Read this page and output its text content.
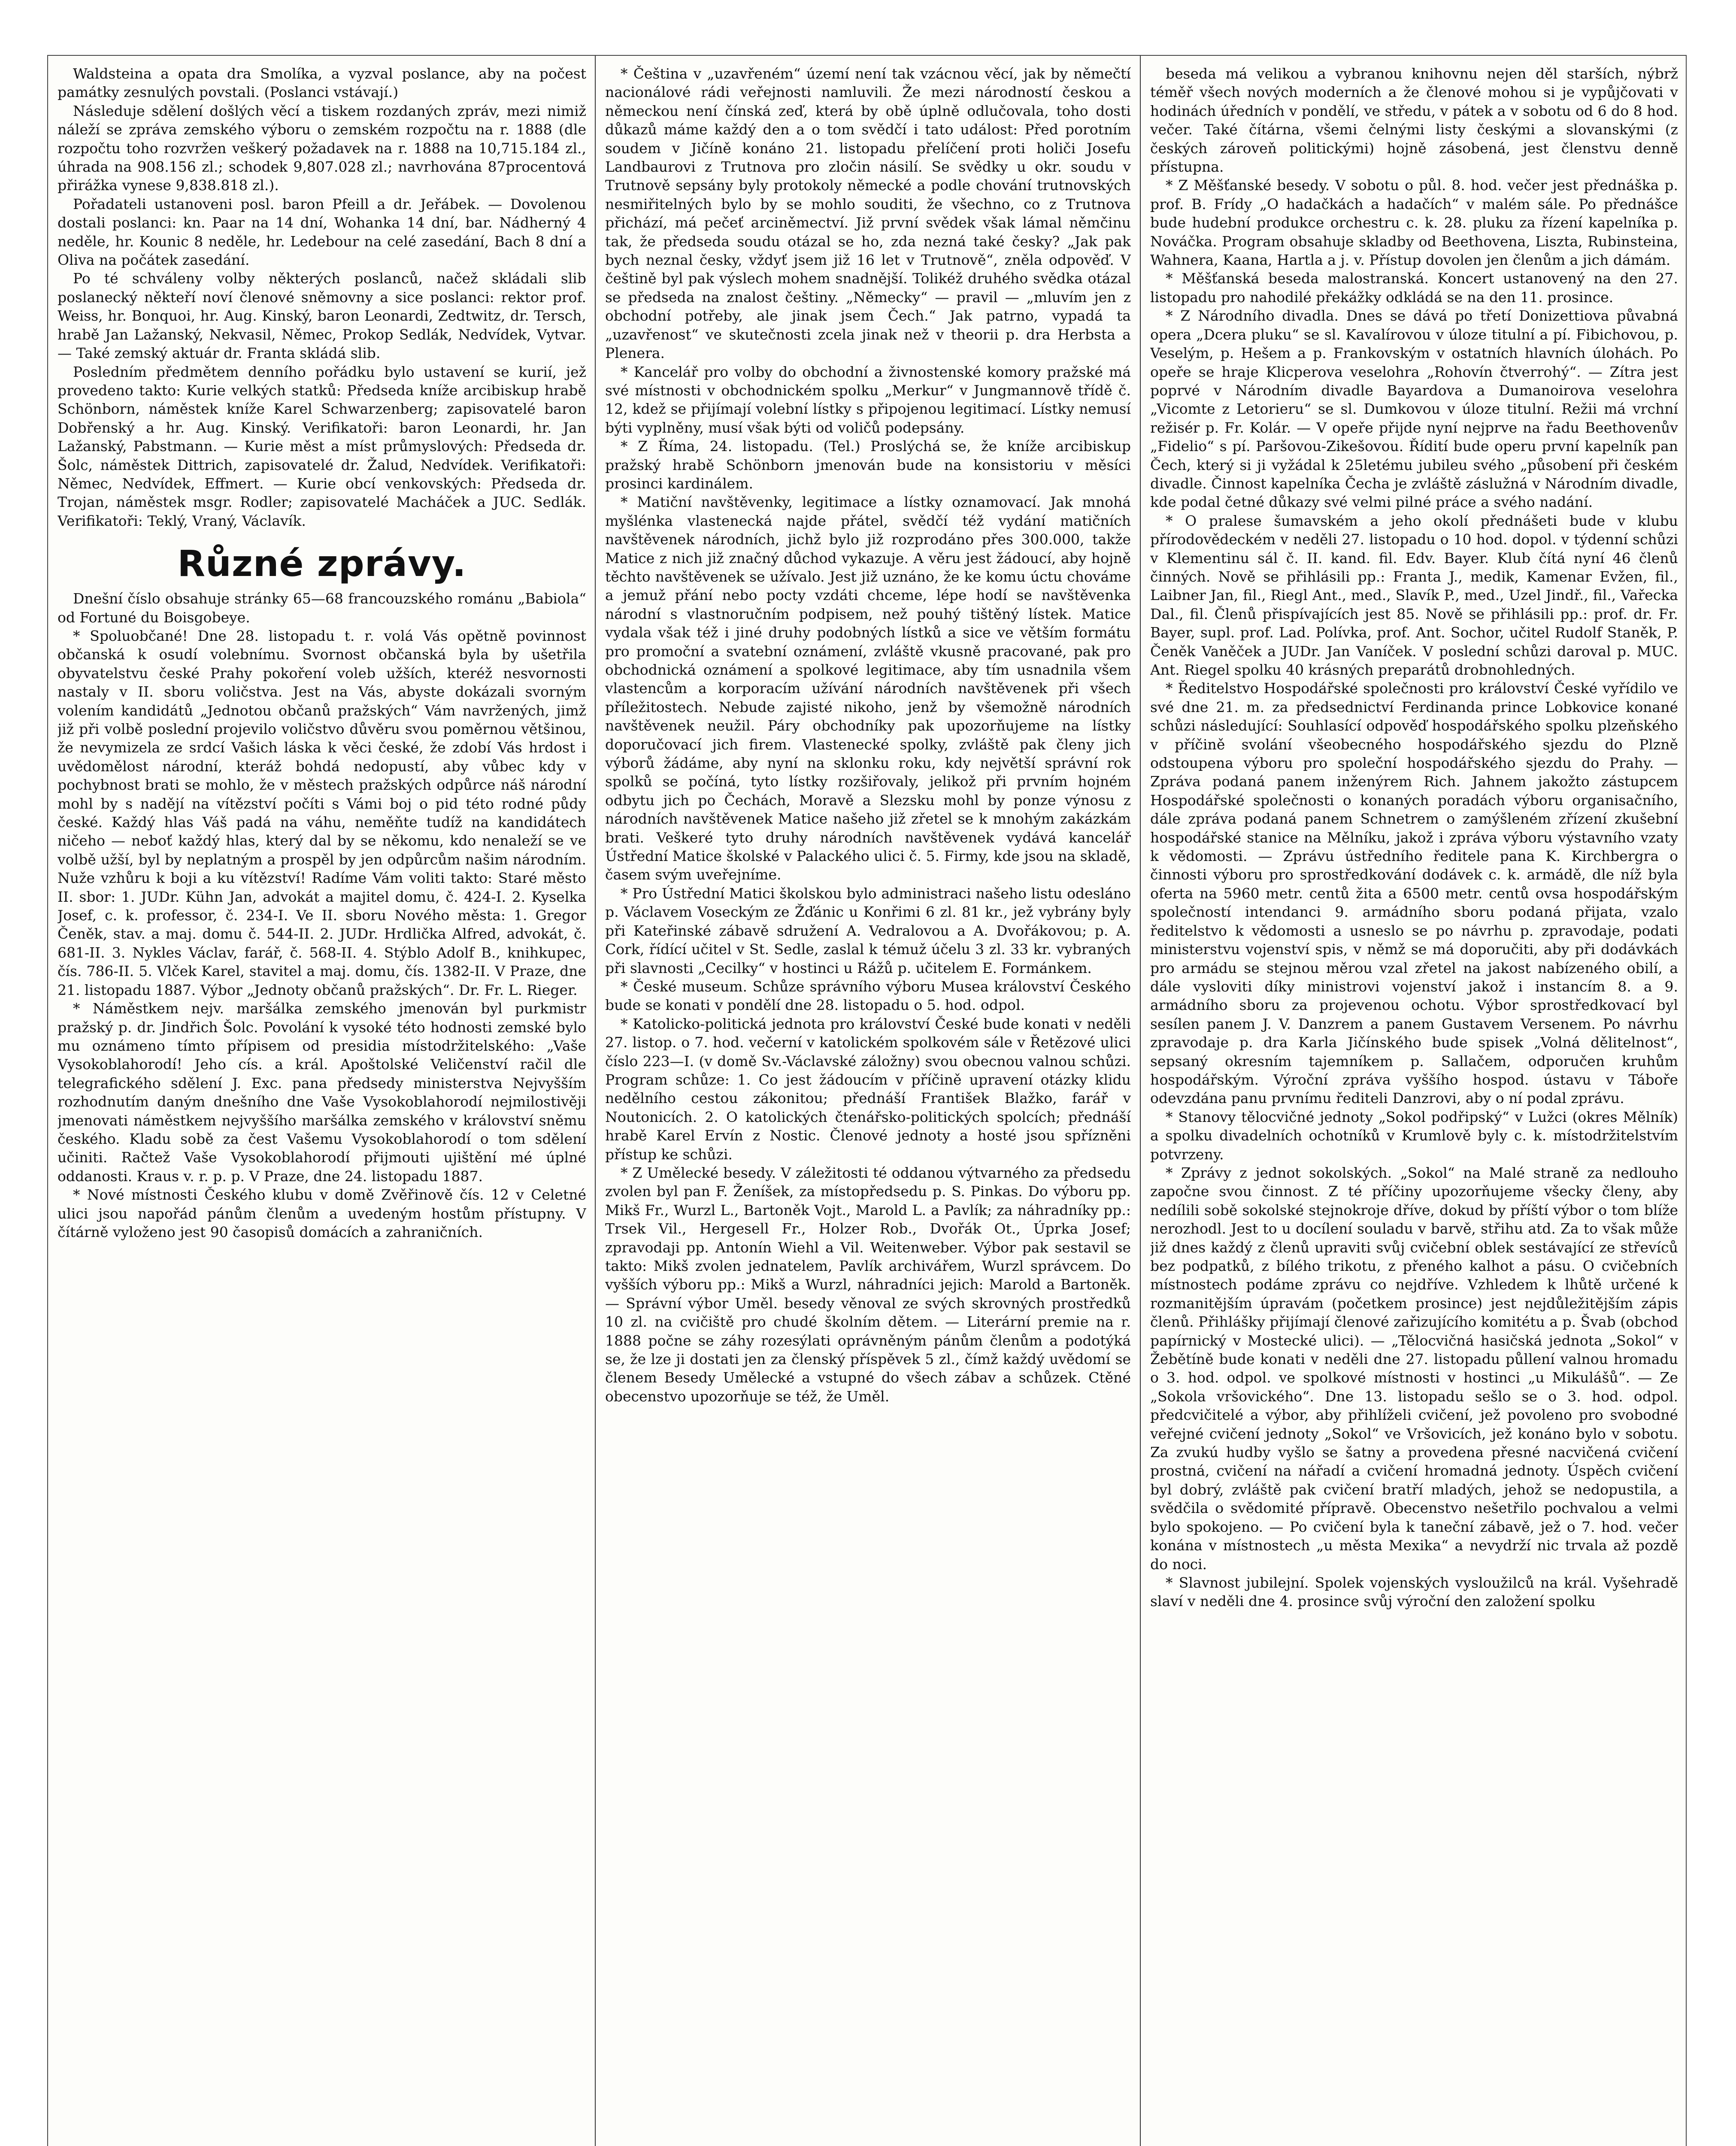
Waldsteina a opata dra Smolíka, a vyzval poslance, aby na počest památky zesnulých povstali. (Poslanci vstávají.)

Následuje sdělení došlých věcí a tiskem rozdaných zpráv, mezi nimiž náleží se zpráva zemského výboru o zemském rozpočtu na r. 1888 (dle rozpočtu toho rozvržen veškerý požadavek na r. 1888 na 10,715.184 zl., úhrada na 908.156 zl.; schodek 9,807.028 zl.; navrhována 87procentová přirážka vynese 9,838.818 zl.).

Pořadateli ustanoveni posl. baron Pfeill a dr. Jeřábek. — Dovolenou dostali poslanci: kn. Paar na 14 dní, Wohanka 14 dní, bar. Nádherný 4 neděle, hr. Kounic 8 neděle, hr. Ledebour na celé zasedání, Bach 8 dní a Oliva na počátek zasedání.

Po té schváleny volby některých poslanců, načež skládali slib poslanecký někteří noví členové sněmovny a sice poslanci: rektor prof. Weiss, hr. Bonquoi, hr. Aug. Kinský, baron Leonardi, Zedtwitz, dr. Tersch, hrabě Jan Lažanský, Nekvasil, Němec, Prokop Sedlák, Nedvídek, Vytvar. — Také zemský aktuár dr. Franta skládá slib.

Posledním předmětem denního pořádku bylo ustavení se kurií, jež provedeno takto: Kurie velkých statků: Předseda kníže arcibiskup hrabě Schönborn, náměstek kníže Karel Schwarzenberg; zapisovatelé baron Dobřenský a hr. Aug. Kinský. Verifikatoři: baron Leonardi, hr. Jan Lažanský, Pabstmann. — Kurie měst a míst průmyslových: Předseda dr. Šolc, náměstek Dittrich, zapisovatelé dr. Žalud, Nedvídek. Verifikatoři: Němec, Nedvídek, Effmert. — Kurie obcí venkovských: Předseda dr. Trojan, náměstek msgr. Rodler; zapisovatelé Macháček a JUC. Sedlák. Verifikatoři: Teklý, Vraný, Václavík.

Různé zprávy.

Dnešní číslo obsahuje stránky 65—68 francouzského románu „Babiola“ od Fortuné du Boisgobeye.

* Spoluobčané! Dne 28. listopadu t. r. volá Vás opětně povinnost občanská k osudí volebnímu. Svornost občanská byla by ušetřila obyvatelstvu české Prahy pokoření voleb užších, kteréž nesvornosti nastaly v II. sboru voličstva. Jest na Vás, abyste dokázali svorným volením kandidátů „Jednotou občanů pražských“ Vám navržených, jimž již při volbě poslední projevilo voličstvo důvěru svou poměrnou většinou, že nevymizela ze srdcí Vašich láska k věci české, že zdobí Vás hrdost i uvědomělost národní, kteráž bohdá nedopustí, aby vůbec kdy v pochybnost brati se mohlo, že v městech pražských odpůrce náš národní mohl by s nadějí na vítězství počíti s Vámi boj o pid této rodné půdy české. Každý hlas Váš padá na váhu, neměňte tudíž na kandidátech ničeho — neboť každý hlas, který dal by se někomu, kdo nenaleží se ve volbě užší, byl by neplatným a prospěl by jen odpůrcům našim národním. Nuže vzhůru k boji a ku vítězství! Radíme Vám voliti takto: Staré město II. sbor: 1. JUDr. Kühn Jan, advokát a majitel domu, č. 424-I. 2. Kyselka Josef, c. k. professor, č. 234-I. Ve II. sboru Nového města: 1. Gregor Čeněk, stav. a maj. domu č. 544-II. 2. JUDr. Hrdlička Alfred, advokát, č. 681-II. 3. Nykles Václav, farář, č. 568-II. 4. Stýblo Adolf B., knihkupec, čís. 786-II. 5. Vlček Karel, stavitel a maj. domu, čís. 1382-II. V Praze, dne 21. listopadu 1887. Výbor „Jednoty občanů pražských“. Dr. Fr. L. Rieger.

* Náměstkem nejv. maršálka zemského jmenován byl purkmistr pražský p. dr. Jindřich Šolc. Povolání k vysoké této hodnosti zemské bylo mu oznámeno tímto přípisem od presidia místodržitelského: „Vaše Vysokoblahorodí! Jeho cís. a král. Apoštolské Veličenství račil dle telegrafického sdělení J. Exc. pana předsedy ministerstva Nejvyšším rozhodnutím daným dnešního dne Vaše Vysokoblahorodí nejmilostivěji jmenovati náměstkem nejvyššího maršálka zemského v království sněmu českého. Kladu sobě za čest Vašemu Vysokoblahorodí o tom sdělení učiniti. Račtež Vaše Vysokoblahorodí přijmouti ujištění mé úplné oddanosti. Kraus v. r. p. p. V Praze, dne 24. listopadu 1887.

* Nové místnosti Českého klubu v domě Zvěřinově čís. 12 v Celetné ulici jsou napořád pánům členům a uvedeným hostům přístupny. V čítárně vyloženo jest 90 časopisů domácích a zahraničních.

* Čeština v „uzavřeném“ území není tak vzácnou věcí, jak by němečtí nacionálové rádi veřejnosti namluvili. Že mezi národností českou a německou není čínská zeď, která by obě úplně odlučovala, toho dosti důkazů máme každý den a o tom svědčí i tato událost: Před porotním soudem v Jičíně konáno 21. listopadu přelíčení proti holiči Josefu Landbaurovi z Trutnova pro zločin násilí. Se svědky u okr. soudu v Trutnově sepsány byly protokoly německé a podle chování trutnovských nesmiřitelných bylo by se mohlo souditi, že všechno, co z Trutnova přichází, má pečeť arciněmectví. Již první svědek však lámal němčinu tak, že předseda soudu otázal se ho, zda nezná také česky? „Jak pak bych neznal česky, vždyť jsem již 16 let v Trutnově“, zněla odpověď. V češtině byl pak výslech mohem snadnější. Tolikéž druhého svědka otázal se předseda na znalost češtiny. „Německy“ — pravil — „mluvím jen z obchodní potřeby, ale jinak jsem Čech.“ Jak patrno, vypadá ta „uzavřenost“ ve skutečnosti zcela jinak než v theorii p. dra Herbsta a Plenera.

* Kancelář pro volby do obchodní a živnostenské komory pražské má své místnosti v obchodnickém spolku „Merkur“ v Jungmannově třídě č. 12, kdež se přijímají volební lístky s připojenou legitimací. Lístky nemusí býti vyplněny, musí však býti od voličů podepsány.

* Z Říma, 24. listopadu. (Tel.) Proslýchá se, že kníže arcibiskup pražský hrabě Schönborn jmenován bude na konsistoriu v měsíci prosinci kardinálem.

* Matiční navštěvenky, legitimace a lístky oznamovací. Jak mnohá myšlénka vlastenecká najde přátel, svědčí též vydání matičních navštěvenek národních, jichž bylo již rozprodáno přes 300.000, takže Matice z nich již značný důchod vykazuje. A věru jest žádoucí, aby hojně těchto navštěvenek se užívalo. Jest již uznáno, že ke komu úctu chováme a jemuž přání nebo pocty vzdáti chceme, lépe hodí se navštěvenka národní s vlastnoručním podpisem, než pouhý tištěný lístek. Matice vydala však též i jiné druhy podobných lístků a sice ve větším formátu pro promoční a svatební oznámení, zvláště vkusně pracované, pak pro obchodnická oznámení a spolkové legitimace, aby tím usnadnila všem vlastencům a korporacím užívání národních navštěvenek při všech příležitostech. Nebude zajisté nikoho, jenž by všemožně národních navštěvenek neužil. Páry obchodníky pak upozorňujeme na lístky doporučovací jich firem. Vlastenecké spolky, zvláště pak členy jich výborů žádáme, aby nyní na sklonku roku, kdy největší správní rok spolků se počíná, tyto lístky rozšiřovaly, jelikož při prvním hojném odbytu jich po Čechách, Moravě a Slezsku mohl by ponze výnosu z národních navštěvenek Matice našeho již zřetel se k mnohým zakázkám brati. Veškeré tyto druhy národních navštěvenek vydává kancelář Ústřední Matice školské v Palackého ulici č. 5. Firmy, kde jsou na skladě, časem svým uveřejníme.

* Pro Ústřední Matici školskou bylo administraci našeho listu odesláno p. Václavem Voseckým ze Žďánic u Konřimi 6 zl. 81 kr., jež vybrány byly při Kateřinské zábavě sdružení A. Vedralovou a A. Dvořákovou; p. A. Cork, řídící učitel v St. Sedle, zaslal k témuž účelu 3 zl. 33 kr. vybraných při slavnosti „Cecilky“ v hostinci u Rážů p. učitelem E. Formánkem.

* České museum. Schůze správního výboru Musea království Českého bude se konati v pondělí dne 28. listopadu o 5. hod. odpol.

* Katolicko-politická jednota pro království České bude konati v neděli 27. listop. o 7. hod. večerní v katolickém spolkovém sále v Řetězové ulici číslo 223—I. (v domě Sv.-Václavské záložny) svou obecnou valnou schůzi. Program schůze: 1. Co jest žádoucím v příčině upravení otázky klidu nedělního cestou zákonitou; přednáší František Blažko, farář v Noutonicích. 2. O katolických čtenářsko-politických spolcích; přednáší hrabě Karel Ervín z Nostic. Členové jednoty a hosté jsou spřízněni přístup ke schůzi.

* Z Umělecké besedy. V záležitosti té oddanou výtvarného za předsedu zvolen byl pan F. Ženíšek, za místopředsedu p. S. Pinkas. Do výboru pp. Mikš Fr., Wurzl L., Bartoněk Vojt., Marold L. a Pavlík; za náhradníky pp.: Trsek Vil., Hergesell Fr., Holzer Rob., Dvořák Ot., Úprka Josef; zpravodaji pp. Antonín Wiehl a Vil. Weitenweber. Výbor pak sestavil se takto: Mikš zvolen jednatelem, Pavlík archivářem, Wurzl správcem. Do vyšších výboru pp.: Mikš a Wurzl, náhradníci jejich: Marold a Bartoněk. — Správní výbor Uměl. besedy věnoval ze svých skrovných prostředků 10 zl. na cvičiště pro chudé školním dětem. — Literární premie na r. 1888 počne se záhy rozesýlati oprávněným pánům členům a podotýká se, že lze ji dostati jen za členský příspěvek 5 zl., čímž každý uvědomí se členem Besedy Umělecké a vstupné do všech zábav a schůzek. Ctěné obecenstvo upozorňuje se též, že Uměl.

beseda má velikou a vybranou knihovnu nejen děl starších, nýbrž téměř všech nových moderních a že členové mohou si je vypůjčovati v hodinách úředních v pondělí, ve středu, v pátek a v sobotu od 6 do 8 hod. večer. Také čítárna, všemi čelnými listy českými a slovanskými (z českých zároveň politickými) hojně zásobená, jest členstvu denně přístupna.

* Z Měšťanské besedy. V sobotu o půl. 8. hod. večer jest přednáška p. prof. B. Frídy „O hadačkách a hadačích“ v malém sále. Po přednášce bude hudební produkce orchestru c. k. 28. pluku za řízení kapelníka p. Nováčka. Program obsahuje skladby od Beethovena, Liszta, Rubinsteina, Wahnera, Kaana, Hartla a j. v. Přístup dovolen jen členům a jich dámám.

* Měšťanská beseda malostranská. Koncert ustanovený na den 27. listopadu pro nahodilé překážky odkládá se na den 11. prosince.

* Z Národního divadla. Dnes se dává po třetí Donizettiova půvabná opera „Dcera pluku“ se sl. Kavalírovou v úloze titulní a pí. Fibichovou, p. Veselým, p. Hešem a p. Frankovským v ostatních hlavních úlohách. Po opeře se hraje Klicperova veselohra „Rohovín čtverrohý“. — Zítra jest poprvé v Národním divadle Bayardova a Dumanoirova veselohra „Vicomte z Letorieru“ se sl. Dumkovou v úloze titulní. Režii má vrchní režisér p. Fr. Kolár. — V opeře přijde nyní nejprve na řadu Beethovenův „Fidelio“ s pí. Paršovou-Zikešovou. Řídití bude operu první kapelník pan Čech, který si ji vyžádal k 25letému jubileu svého „působení při českém divadle. Činnost kapelníka Čecha je zvláště záslužná v Národním divadle, kde podal četné důkazy své velmi pilné práce a svého nadání.

* O pralese šumavském a jeho okolí přednášeti bude v klubu přírodovědeckém v neděli 27. listopadu o 10 hod. dopol. v týdenní schůzi v Klementinu sál č. II. kand. fil. Edv. Bayer. Klub čítá nyní 46 členů činných. Nově se přihlásili pp.: Franta J., medik, Kamenar Evžen, fil., Laibner Jan, fil., Riegl Ant., med., Slavík P., med., Uzel Jindř., fil., Vařecka Dal., fil. Členů přispívajících jest 85. Nově se přihlásili pp.: prof. dr. Fr. Bayer, supl. prof. Lad. Polívka, prof. Ant. Sochor, učitel Rudolf Staněk, P. Čeněk Vaněček a JUDr. Jan Vaníček. V poslední schůzi daroval p. MUC. Ant. Riegel spolku 40 krásných preparátů drobnohledných.

* Ředitelstvo Hospodářské společnosti pro království České vyřídilo ve své dne 21. m. za předsednictví Ferdinanda prince Lobkovice konané schůzi následující: Souhlasící odpověď hospodářského spolku plzeňského v příčině svolání všeobecného hospodářského sjezdu do Plzně odstoupena výboru pro společní hospodářského sjezdu do Prahy. — Zpráva podaná panem inženýrem Rich. Jahnem jakožto zástupcem Hospodářské společnosti o konaných poradách výboru organisačního, dále zpráva podaná panem Schnetrem o zamýšleném zřízení zkušební hospodářské stanice na Mělníku, jakož i zpráva výboru výstavního vzaty k vědomosti. — Zprávu ústředního ředitele pana K. Kirchbergra o činnosti výboru pro sprostředkování dodávek c. k. armádě, dle níž byla oferta na 5960 metr. centů žita a 6500 metr. centů ovsa hospodářským společností intendanci 9. armádního sboru podaná přijata, vzalo ředitelstvo k vědomosti a usneslo se po návrhu p. zpravodaje, podati ministerstvu vojenství spis, v němž se má doporučiti, aby při dodávkách pro armádu se stejnou měrou vzal zřetel na jakost nabízeného obilí, a dále vysloviti díky ministrovi vojenství jakož i instancím 8. a 9. armádního sboru za projevenou ochotu. Výbor sprostředkovací byl sesílen panem J. V. Danzrem a panem Gustavem Versenem. Po návrhu zpravodaje p. dra Karla Jičínského bude spisek „Volná dělitelnost“, sepsaný okresním tajemníkem p. Sallačem, odporučen kruhům hospodářským. Výroční zpráva vyššího hospod. ústavu v Táboře odevzdána panu prvnímu řediteli Danzrovi, aby o ní podal zprávu.

* Stanovy tělocvičné jednoty „Sokol podřipský“ v Lužci (okres Mělník) a spolku divadelních ochotníků v Krumlově byly c. k. místodržitelstvím potvrzeny.

* Zprávy z jednot sokolských. „Sokol“ na Malé straně za nedlouho započne svou činnost. Z té příčiny upozorňujeme všecky členy, aby nedílili sobě sokolské stejnokroje dříve, dokud by příští výbor o tom blíže nerozhodl. Jest to u docílení souladu v barvě, střihu atd. Za to však může již dnes každý z členů upraviti svůj cvičební oblek sestávající ze střevíců bez podpatků, z bílého trikotu, z přeného kalhot a pásu. O cvičebních místnostech podáme zprávu co nejdříve. Vzhledem k lhůtě určené k rozmanitějším úpravám (početkem prosince) jest nejdůležitějším zápis členů. Přihlášky přijímají členové zařizujícího komitétu a p. Švab (obchod papírnický v Mostecké ulici). — „Tělocvičná hasičská jednota „Sokol“ v Žebětíně bude konati v neděli dne 27. listopadu půllení valnou hromadu o 3. hod. odpol. ve spolkové místnosti v hostinci „u Mikulášů“. — Ze „Sokola vršovického“. Dne 13. listopadu sešlo se o 3. hod. odpol. předcvičitelé a výbor, aby přihlíželi cvičení, jež povoleno pro svobodné veřejné cvičení jednoty „Sokol“ ve Vršovicích, jež konáno bylo v sobotu. Za zvukú hudby vyšlo se šatny a provedena přesné nacvičená cvičení prostná, cvičení na nářadí a cvičení hromadná jednoty. Úspěch cvičení byl dobrý, zvláště pak cvičení bratří mladých, jehož se nedopustila, a svědčila o svědomité přípravě. Obecenstvo nešetřilo pochvalou a velmi bylo spokojeno. — Po cvičení byla k taneční zábavě, jež o 7. hod. večer konána v místnostech „u města Mexika“ a nevydrží nic trvala až pozdě do noci.

* Slavnost jubilejní. Spolek vojenských vysloužilců na král. Vyšehradě slaví v neděli dne 4. prosince svůj výroční den založení spolku
